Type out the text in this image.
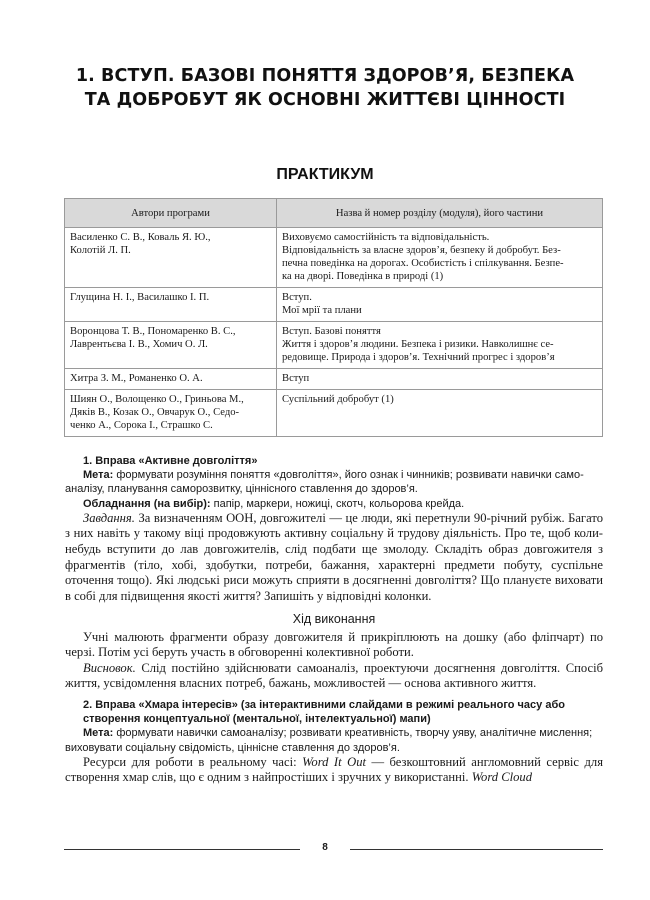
1. ВСТУП. БАЗОВІ ПОНЯТТЯ ЗДОРОВ’Я, БЕЗПЕКА
ТА ДОБРОБУТ ЯК ОСНОВНІ ЖИТТЄВІ ЦІННОСТІ
ПРАКТИКУМ
Автори програми	Назва й номер розділу (модуля), його частини

Василенко С. В., Коваль Я. Ю.,
Колотій Л. П.	Виховуємо самостійність та відповідальність.
Відповідальність за власне здоров’я, безпеку й добробут. Без-
печна поведінка на дорогах. Особистість і спілкування. Безпе-
ка на дворі. Поведінка в природі (1)

Глущина Н. І., Василашко І. П.	Вступ.
Мої мрії та плани

Воронцова Т. В., Пономаренко В. С.,
Лаврентьєва І. В., Хомич О. Л.	Вступ. Базові поняття
Життя і здоров’я людини. Безпека і ризики. Навколишнє се-
редовище. Природа і здоров’я. Технічний прогрес і здоров’я

Хитра З. М., Романенко О. А.	Вступ

Шиян О., Волощенко О., Гриньова М.,
Дяків В., Козак О., Овчарук О., Седо-
ченко А., Сорока І., Страшко С.	Суспільний добробут (1)

1. Вправа «Активне довголіття»

Мета: формувати розуміння поняття «довголіття», його ознак і чинників; розвивати навички самоаналізу, планування саморозвитку, ціннісного ставлення до здоров’я.

Обладнання (на вибір): папір, маркери, ножиці, скотч, кольорова крейда.

Завдання. За визначенням ООН, довгожителі — це люди, які перетнули 90-річний рубіж. Багато з них навіть у такому віці продовжують активну соціальну й трудову діяльність. Про те, щоб коли-небудь вступити до лав довгожителів, слід подбати ще змолоду. Складіть образ довгожителя з фрагментів (тіло, хобі, здобутки, потреби, бажання, характерні предмети побуту, суспільне оточення тощо). Які людські риси можуть сприяти в досягненні довголіття? Що плануєте виховати в собі для підвищення якості життя? Запишіть у відповідні колонки.

Хід виконання

Учні малюють фрагменти образу довгожителя й прикріплюють на дошку (або фліпчарт) по черзі. Потім усі беруть участь в обговоренні колективної роботи.

Висновок. Слід постійно здійснювати самоаналіз, проектуючи досягнення довголіття. Спосіб життя, усвідомлення власних потреб, бажань, можливостей — основа активного життя.

2. Вправа «Хмара інтересів» (за інтерактивними слайдами в режимі реального часу або створення концептуальної (ментальної, інтелектуальної) мапи)

Мета: формувати навички самоаналізу; розвивати креативність, творчу уяву, аналітичне мислення; виховувати соціальну свідомість, ціннісне ставлення до здоров’я.

Ресурси для роботи в реальному часі: Word It Out — безкоштовний англомовний сервіс для створення хмар слів, що є одним з найпростіших і зручних у використанні. Word Cloud

8
